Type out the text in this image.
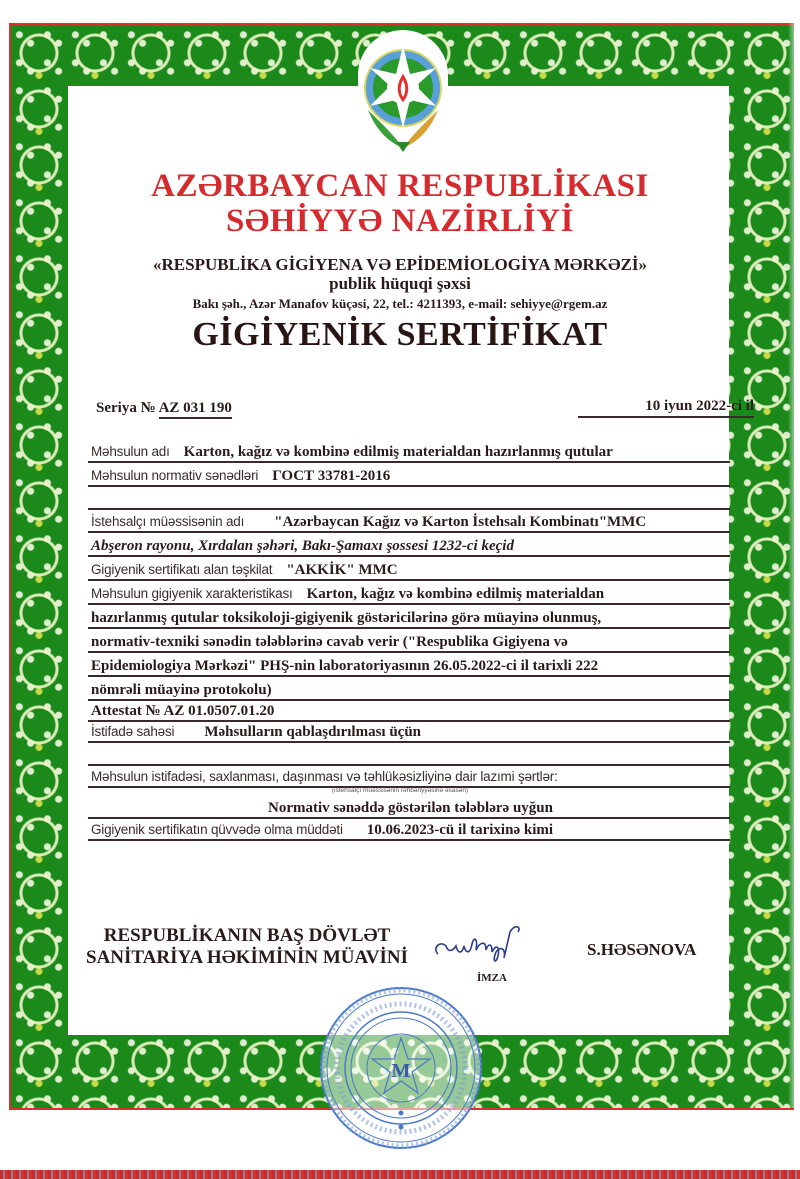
AZƏRBAYCAN RESPUBLİKASI
SƏHİYYƏ NAZİRLİYİ
«RESPUBLİKA GİGİYENA VƏ EPİDEMİOLOGİYA MƏRKƏZİ»
publik hüquqi şəxsi
Bakı şəh., Azər Manafov küçəsi, 22, tel.: 4211393, e-mail: sehiyye@rgem.az
GİGİYENİK SERTİFİKAT
Seriya № AZ 031 190	10 iyun 2022-ci il
Məhsulun adı Karton, kağız və kombinə edilmiş materialdan hazırlanmış qutular
Məhsulun normativ sənədləri ГОСТ 33781-2016
İstehsalçı müəssisənin adı "Azərbaycan Kağız və Karton İstehsalı Kombinatı"MMC
Abşeron rayonu, Xırdalan şəhəri, Bakı-Şamaxı şossesi 1232-ci keçid
Gigiyenik sertifikatı alan təşkilat "AKKİK" MMC
Məhsulun gigiyenik xarakteristikası Karton, kağız və kombinə edilmiş materialdan
hazırlanmış qutular toksikoloji-gigiyenik göstəricilərinə görə müayinə olunmuş,
normativ-texniki sənədin tələblərinə cavab verir ("Respublika Gigiyena və
Epidemiologiya Mərkəzi" PHŞ-nin laboratoriyasının 26.05.2022-ci il tarixli 222
nömrəli müayinə protokolu)
Attestat № AZ 01.0507.01.20
İstifadə sahəsi Məhsulların qablaşdırılması üçün
Məhsulun istifadəsi, saxlanması, daşınması və təhlükəsizliyinə dair lazımi şərtlər:
(istehsalçı müəssisənin rəhbəriyyəsinə əsasən)
Normativ sənəddə göstərilən tələblərə uyğun
Gigiyenik sertifikatın qüvvədə olma müddəti 10.06.2023-cü il tarixinə kimi
RESPUBLİKANIN BAŞ DÖVLƏT
SANİTARİYA HƏKİMİNİN MÜAVİNİ	S.HƏSƏNOVA
İMZA
M
